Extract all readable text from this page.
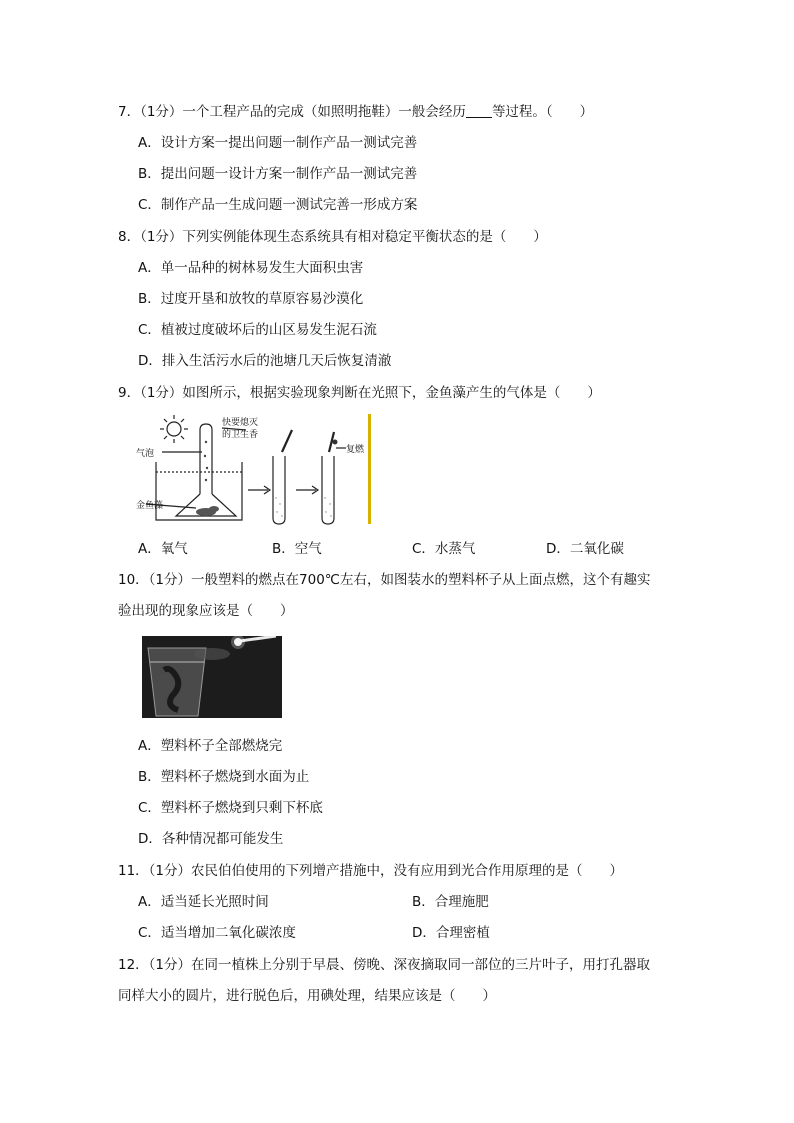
7．（1分）一个工程产品的完成（如照明拖鞋）一般会经历 等过程。（　　）
A．设计方案一提出问题一制作产品一测试完善
B．提出问题一设计方案一制作产品一测试完善
C．制作产品一生成问题一测试完善一形成方案
8．（1分）下列实例能体现生态系统具有相对稳定平衡状态的是（　　）
A．单一品种的树林易发生大面积虫害
B．过度开垦和放牧的草原容易沙漠化
C．植被过度破坏后的山区易发生泥石流
D．排入生活污水后的池塘几天后恢复清澈
9．（1分）如图所示，根据实验现象判断在光照下，金鱼藻产生的气体是（　　）
气泡
快要熄灭
的卫生香
复燃
金鱼藻
A．氧气	B．空气	C．水蒸气	D．二氧化碳
10．（1分）一般塑料的燃点在700℃左右，如图装水的塑料杯子从上面点燃，这个有趣实
验出现的现象应该是（　　）
A．塑料杯子全部燃烧完
B．塑料杯子燃烧到水面为止
C．塑料杯子燃烧到只剩下杯底
D．各种情况都可能发生
11．（1分）农民伯伯使用的下列增产措施中，没有应用到光合作用原理的是（　　）
A．适当延长光照时间	B．合理施肥
C．适当增加二氧化碳浓度	D．合理密植
12．（1分）在同一植株上分别于早晨、傍晚、深夜摘取同一部位的三片叶子，用打孔器取
同样大小的圆片，进行脱色后，用碘处理，结果应该是（　　）
